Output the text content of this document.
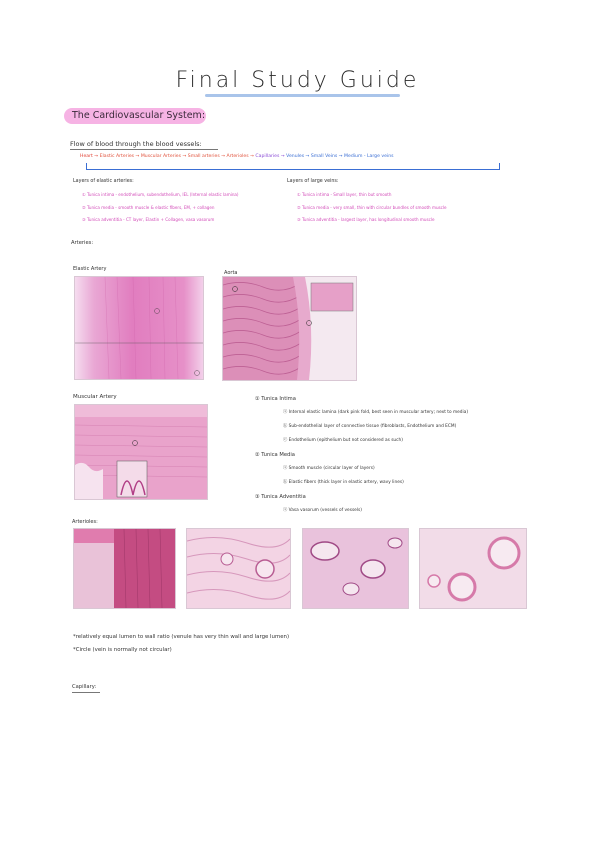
Final Study Guide
The Cardiovascular System:
Flow of blood through the blood vessels:
Heart → Elastic Arteries → Muscular Arteries → Small arteries → Arterioles → Capillaries → Venules → Small Veins → Medium - Large veins
Layers of elastic arteries:
① Tunica intima - endothelium, subendothelium, IEL (Internal elastic lamina)
② Tunica media - smooth muscle & elastic fibers, EM, + collagen
③ Tunica adventitia - CT layer, Elastin + Collagen, vasa vasorum
Layers of large veins:
① Tunica intima - Small layer, thin but smooth
② Tunica media - very small, thin with circular bundles of smooth muscle
③ Tunica adventitia - largest layer, has longitudinal smooth muscle
Arteries:
Elastic Artery
Aorta
Muscular Artery	① Tunica Intima
ⓐ Internal elastic lamina (dark pink fold, best seen in muscular artery; next to media)
ⓑ Sub-endothelial layer of connective tissue (fibroblasts, Endothelium and ECM)
ⓒ Endothelium (epithelium but not considered as such)
② Tunica Media
ⓐ Smooth muscle (circular layer of layers)
ⓑ Elastic fibers (thick layer in elastic artery, wavy lines)
③ Tunica Adventitia
ⓐ Vasa vasorum (vessels of vessels)
Arterioles:
*relatively equal lumen to wall ratio (venule has very thin wall and large lumen)
*Circle (vein is normally not circular)
Capillary:
